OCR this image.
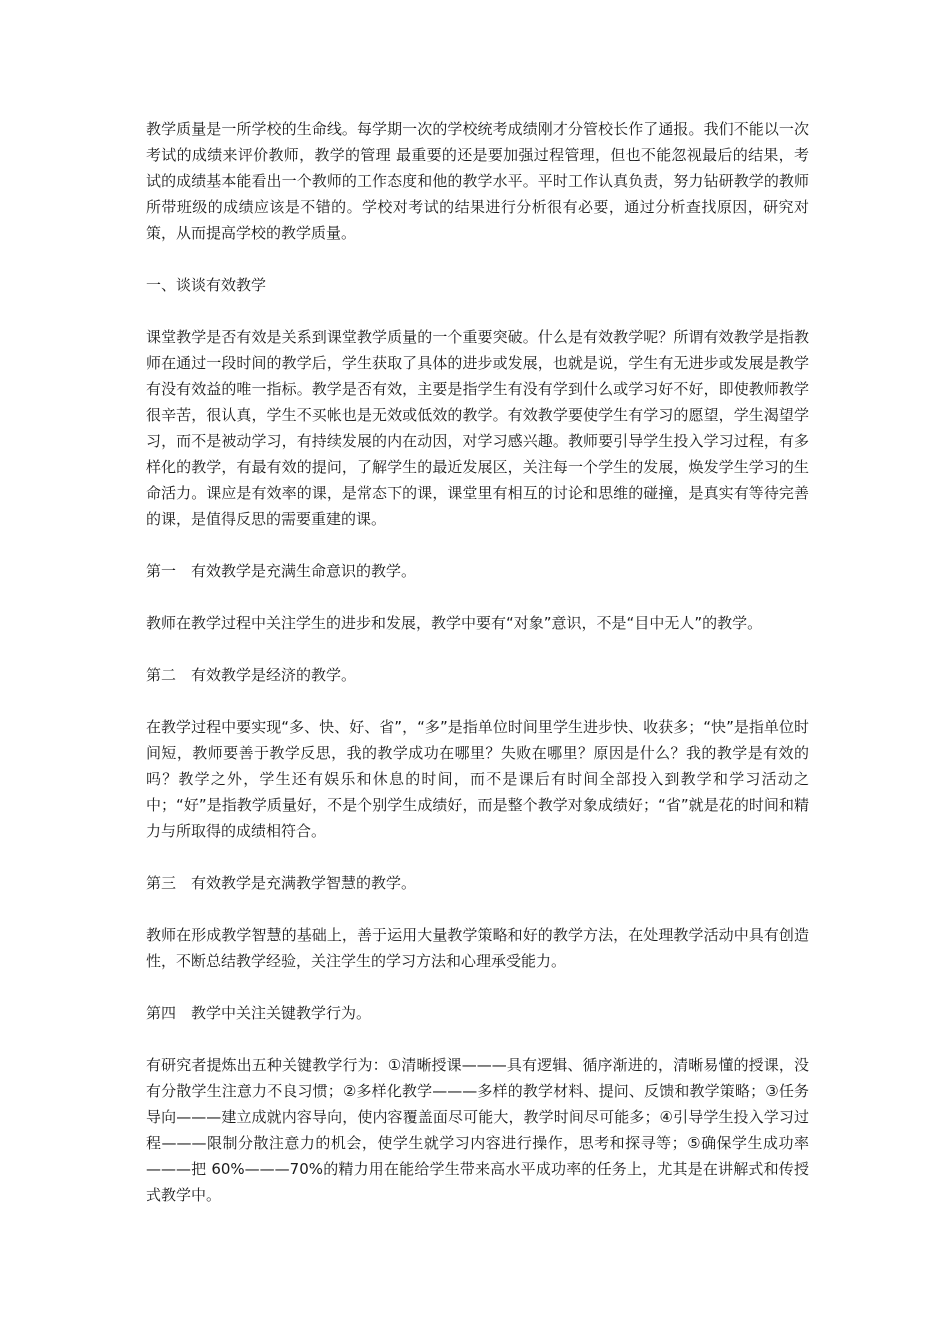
教学质量是一所学校的生命线。每学期一次的学校统考成绩刚才分管校长作了通报。我们不能以一次考试的成绩来评价教师，教学的管理 最重要的还是要加强过程管理，但也不能忽视最后的结果，考试的成绩基本能看出一个教师的工作态度和他的教学水平。平时工作认真负责，努力钻研教学的教师所带班级的成绩应该是不错的。学校对考试的结果进行分析很有必要，通过分析查找原因，研究对策，从而提高学校的教学质量。

一、谈谈有效教学

课堂教学是否有效是关系到课堂教学质量的一个重要突破。什么是有效教学呢？所谓有效教学是指教师在通过一段时间的教学后，学生获取了具体的进步或发展，也就是说，学生有无进步或发展是教学有没有效益的唯一指标。教学是否有效，主要是指学生有没有学到什么或学习好不好，即使教师教学很辛苦，很认真，学生不买帐也是无效或低效的教学。有效教学要使学生有学习的愿望，学生渴望学习，而不是被动学习，有持续发展的内在动因，对学习感兴趣。教师要引导学生投入学习过程，有多样化的教学，有最有效的提问，了解学生的最近发展区，关注每一个学生的发展，焕发学生学习的生命活力。课应是有效率的课，是常态下的课，课堂里有相互的讨论和思维的碰撞，是真实有等待完善的课，是值得反思的需要重建的课。

第一　有效教学是充满生命意识的教学。

教师在教学过程中关注学生的进步和发展，教学中要有“对象”意识，不是“目中无人”的教学。

第二　有效教学是经济的教学。

在教学过程中要实现“多、快、好、省”，“多”是指单位时间里学生进步快、收获多；“快”是指单位时间短，教师要善于教学反思，我的教学成功在哪里？失败在哪里？原因是什么？我的教学是有效的吗？教学之外，学生还有娱乐和休息的时间，而不是课后有时间全部投入到教学和学习活动之中；“好”是指教学质量好，不是个别学生成绩好，而是整个教学对象成绩好；“省”就是花的时间和精力与所取得的成绩相符合。

第三　有效教学是充满教学智慧的教学。

教师在形成教学智慧的基础上，善于运用大量教学策略和好的教学方法，在处理教学活动中具有创造性，不断总结教学经验，关注学生的学习方法和心理承受能力。

第四　教学中关注关键教学行为。

有研究者提炼出五种关键教学行为：①清晰授课———具有逻辑、循序渐进的，清晰易懂的授课，没有分散学生注意力不良习惯；②多样化教学———多样的教学材料、提问、反馈和教学策略；③任务导向———建立成就内容导向，使内容覆盖面尽可能大，教学时间尽可能多；④引导学生投入学习过程———限制分散注意力的机会，使学生就学习内容进行操作，思考和探寻等；⑤确保学生成功率———把 60%———70%的精力用在能给学生带来高水平成功率的任务上，尤其是在讲解式和传授式教学中。
